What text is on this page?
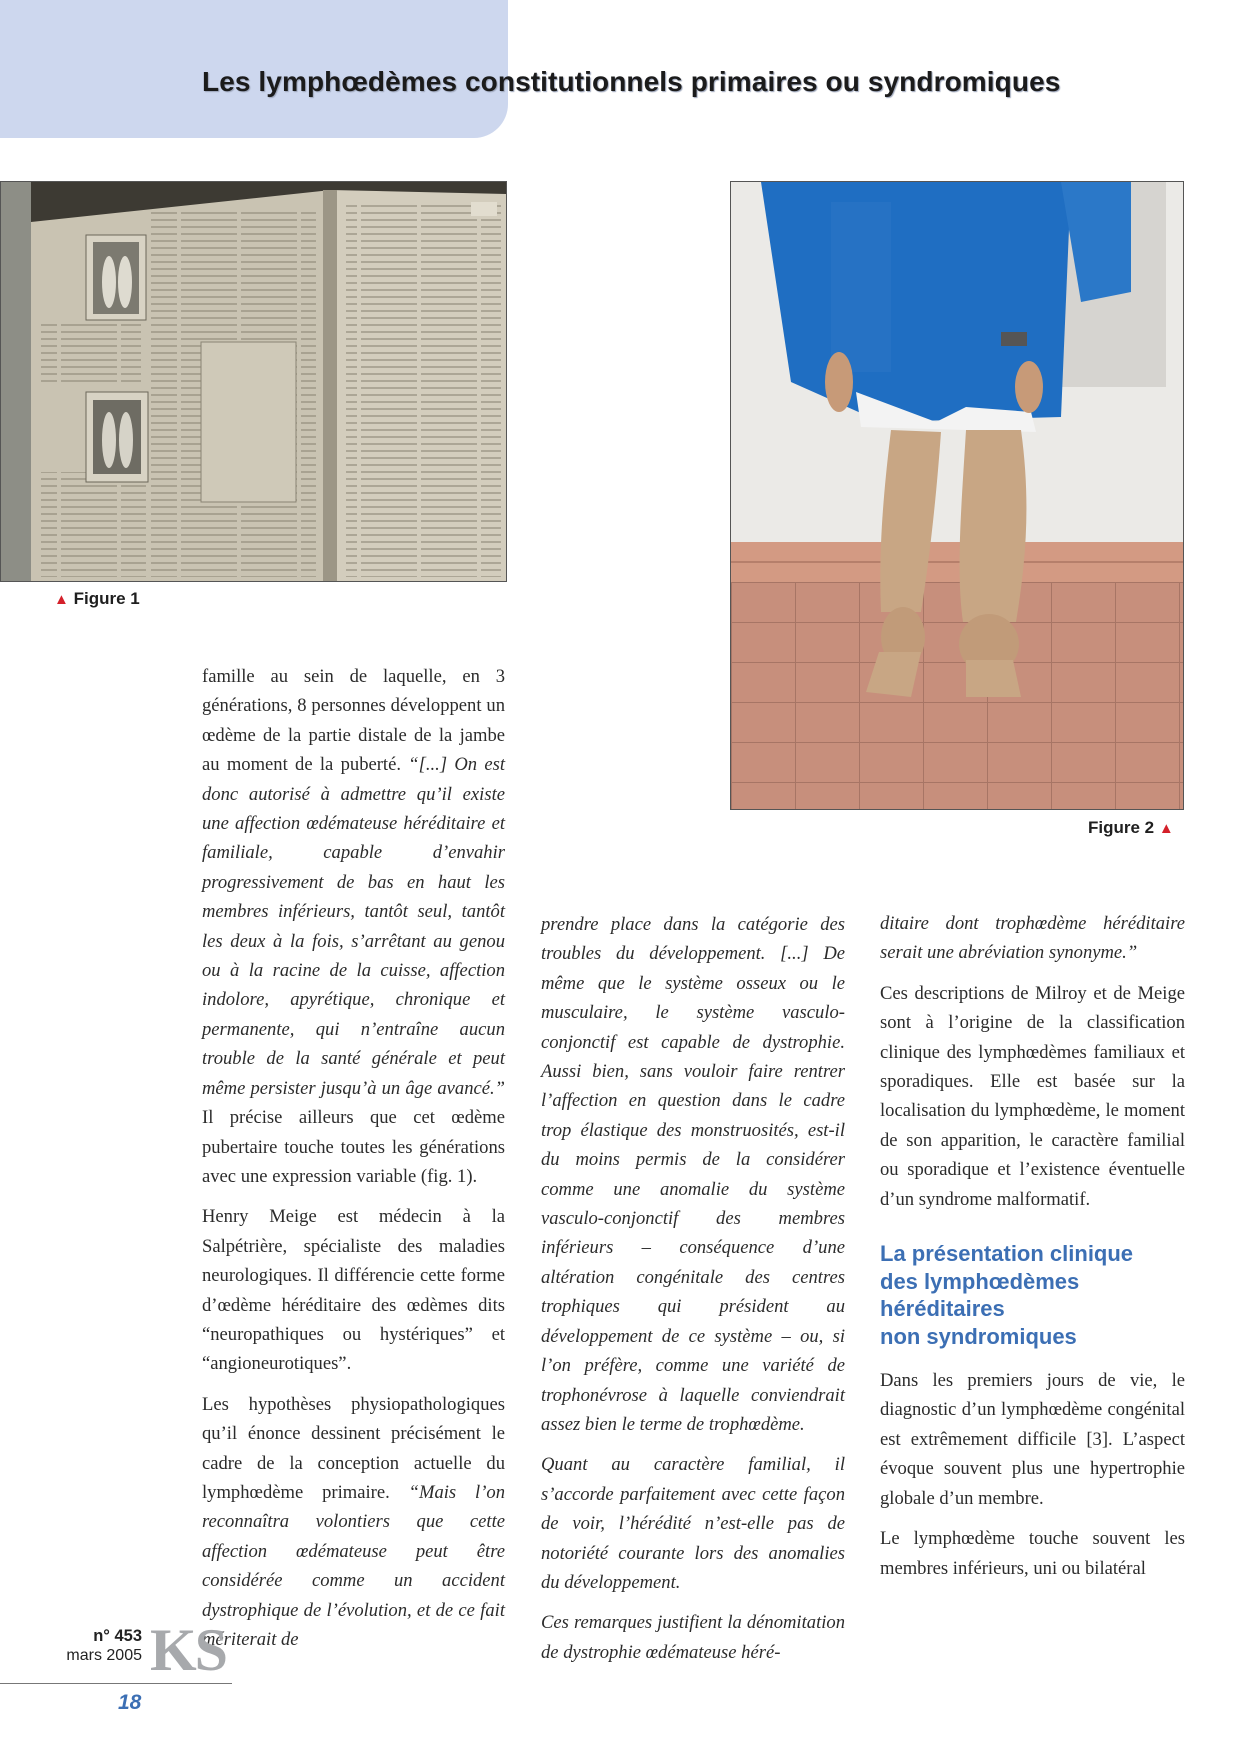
Les lymphœdèmes constitutionnels primaires ou syndromiques
▲ Figure 1
Figure 2 ▲

famille au sein de laquelle, en 3 générations, 8 personnes développent un œdème de la partie distale de la jambe au moment de la puberté. “[...] On est donc autorisé à admettre qu’il existe une affection œdémateuse héréditaire et familiale, capable d’envahir progressivement de bas en haut les membres inférieurs, tantôt seul, tantôt les deux à la fois, s’arrêtant au genou ou à la racine de la cuisse, affection indolore, apyrétique, chronique et permanente, qui n’entraîne aucun trouble de la santé générale et peut même persister jusqu’à un âge avancé.” Il précise ailleurs que cet œdème pubertaire touche toutes les générations avec une expression variable (fig. 1).

Henry Meige est médecin à la Salpétrière, spécialiste des maladies neurologiques. Il différencie cette forme d’œdème héréditaire des œdèmes dits “neuropathiques ou hystériques” et “angioneurotiques”.

Les hypothèses physiopathologiques qu’il énonce dessinent précisément le cadre de la conception actuelle du lymphœdème primaire. “Mais l’on reconnaîtra volontiers que cette affection œdémateuse peut être considérée comme un accident dystrophique de l’évolution, et de ce fait mériterait de

prendre place dans la catégorie des troubles du développement. [...] De même que le système osseux ou le musculaire, le système vasculo-conjonctif est capable de dystrophie. Aussi bien, sans vouloir faire rentrer l’affection en question dans le cadre trop élastique des monstruosités, est-il du moins permis de la considérer comme une anomalie du système vasculo-conjonctif des membres inférieurs – conséquence d’une altération congénitale des centres trophiques qui président au développement de ce système – ou, si l’on préfère, comme une variété de trophonévrose à laquelle conviendrait assez bien le terme de trophœdème.

Quant au caractère familial, il s’accorde parfaitement avec cette façon de voir, l’hérédité n’est-elle pas de notoriété courante lors des anomalies du développement.

Ces remarques justifient la dénomitation de dystrophie œdémateuse héré-

ditaire dont trophœdème héréditaire serait une abréviation synonyme.”

Ces descriptions de Milroy et de Meige sont à l’origine de la classification clinique des lymphœdèmes familiaux et sporadiques. Elle est basée sur la localisation du lymphœdème, le moment de son apparition, le caractère familial ou sporadique et l’existence éventuelle d’un syndrome malformatif.

La présentation clinique
des lymphœdèmes
héréditaires
non syndromiques

Dans les premiers jours de vie, le diagnostic d’un lymphœdème congénital est extrêmement difficile [3]. L’aspect évoque souvent plus une hypertrophie globale d’un membre.

Le lymphœdème touche souvent les membres inférieurs, uni ou bilatéral

n° 453
mars 2005 KS
18
